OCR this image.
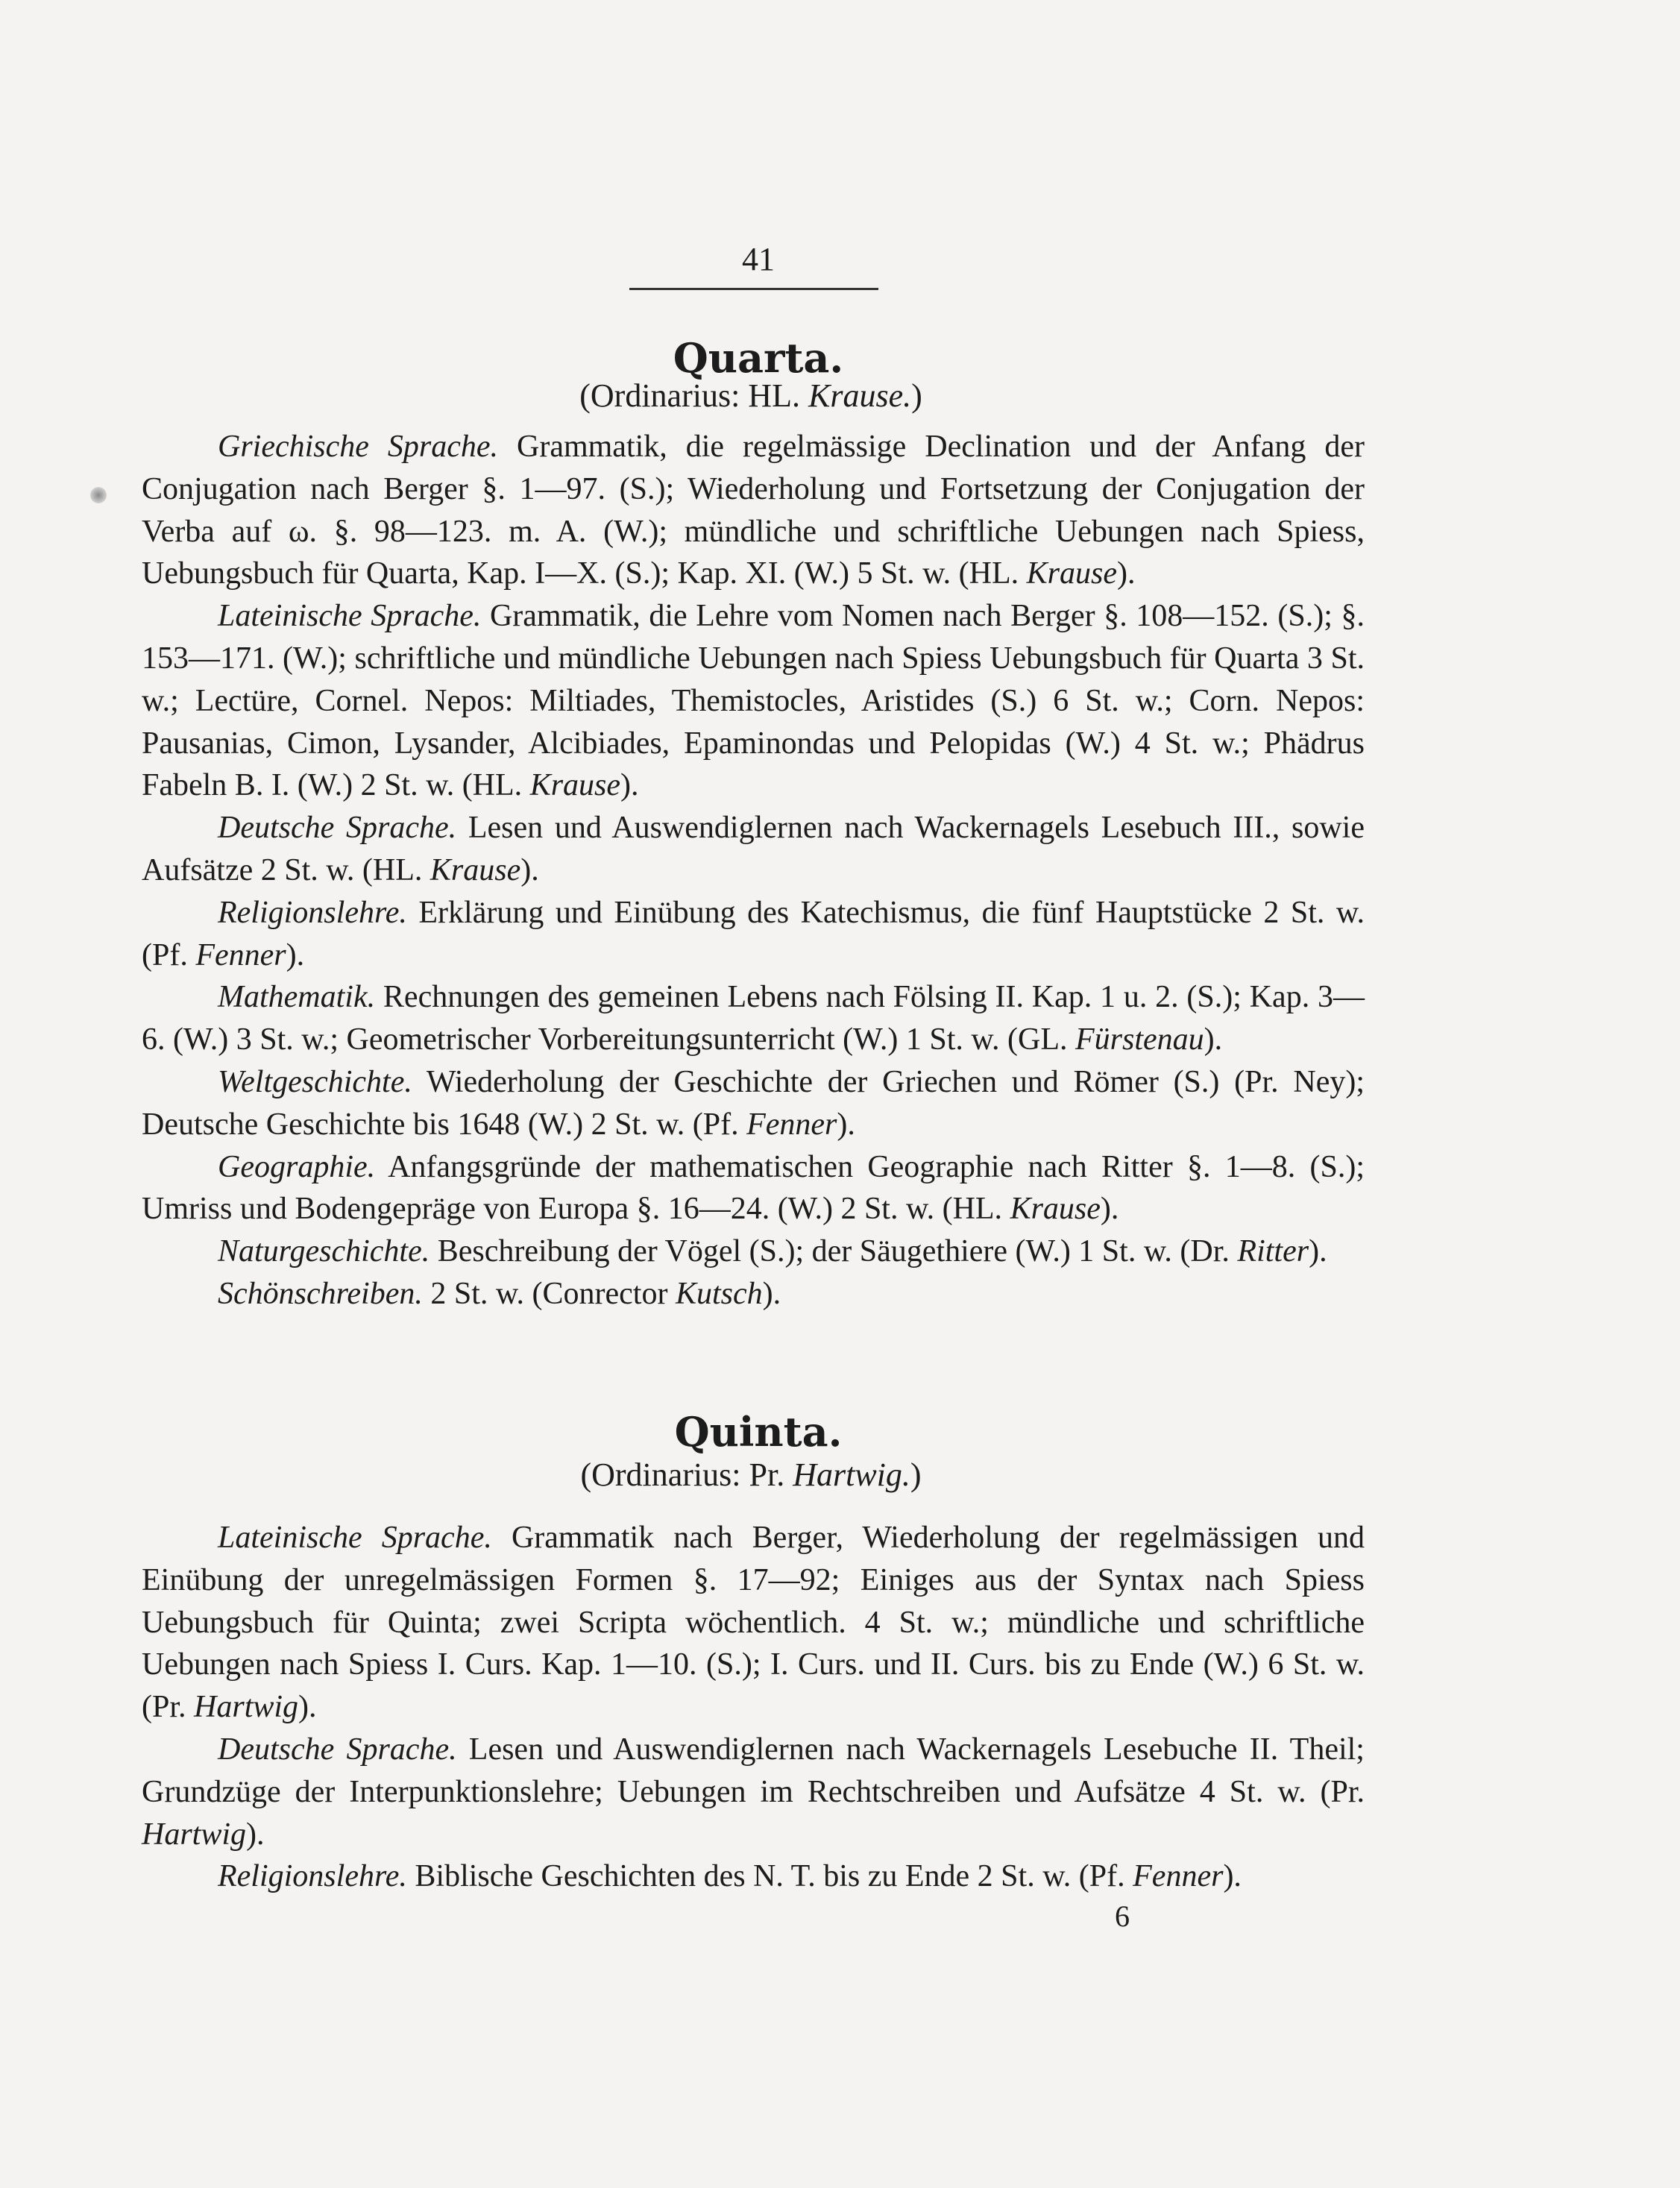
41
Quarta.
(Ordinarius: HL. Krause.)

Griechische Sprache. Grammatik, die regelmässige Declination und der Anfang der Conjugation nach Berger §. 1—97. (S.); Wiederholung und Fortsetzung der Conjugation der Verba auf ω. §. 98—123. m. A. (W.); mündliche und schriftliche Uebungen nach Spiess, Uebungsbuch für Quarta, Kap. I—X. (S.); Kap. XI. (W.) 5 St. w. (HL. Krause).

Lateinische Sprache. Grammatik, die Lehre vom Nomen nach Berger §. 108—152. (S.); §. 153—171. (W.); schriftliche und mündliche Uebungen nach Spiess Uebungsbuch für Quarta 3 St. w.; Lectüre, Cornel. Nepos: Miltiades, Themistocles, Aristides (S.) 6 St. w.; Corn. Nepos: Pausanias, Cimon, Lysander, Alcibiades, Epaminondas und Pelopidas (W.) 4 St. w.; Phädrus Fabeln B. I. (W.) 2 St. w. (HL. Krause).

Deutsche Sprache. Lesen und Auswendiglernen nach Wackernagels Lesebuch III., sowie Aufsätze 2 St. w. (HL. Krause).

Religionslehre. Erklärung und Einübung des Katechismus, die fünf Hauptstücke 2 St. w. (Pf. Fenner).

Mathematik. Rechnungen des gemeinen Lebens nach Fölsing II. Kap. 1 u. 2. (S.); Kap. 3—6. (W.) 3 St. w.; Geometrischer Vorbereitungsunterricht (W.) 1 St. w. (GL. Fürstenau).

Weltgeschichte. Wiederholung der Geschichte der Griechen und Römer (S.) (Pr. Ney); Deutsche Geschichte bis 1648 (W.) 2 St. w. (Pf. Fenner).

Geographie. Anfangsgründe der mathematischen Geographie nach Ritter §. 1—8. (S.); Umriss und Bodengepräge von Europa §. 16—24. (W.) 2 St. w. (HL. Krause).

Naturgeschichte. Beschreibung der Vögel (S.); der Säugethiere (W.) 1 St. w. (Dr. Ritter).

Schönschreiben. 2 St. w. (Conrector Kutsch).

Quinta.
(Ordinarius: Pr. Hartwig.)

Lateinische Sprache. Grammatik nach Berger, Wiederholung der regelmässigen und Einübung der unregelmässigen Formen §. 17—92; Einiges aus der Syntax nach Spiess Uebungsbuch für Quinta; zwei Scripta wöchentlich. 4 St. w.; mündliche und schriftliche Uebungen nach Spiess I. Curs. Kap. 1—10. (S.); I. Curs. und II. Curs. bis zu Ende (W.) 6 St. w. (Pr. Hartwig).

Deutsche Sprache. Lesen und Auswendiglernen nach Wackernagels Lesebuche II. Theil; Grundzüge der Interpunktionslehre; Uebungen im Rechtschreiben und Aufsätze 4 St. w. (Pr. Hartwig).

Religionslehre. Biblische Geschichten des N. T. bis zu Ende 2 St. w. (Pf. Fenner).

6
